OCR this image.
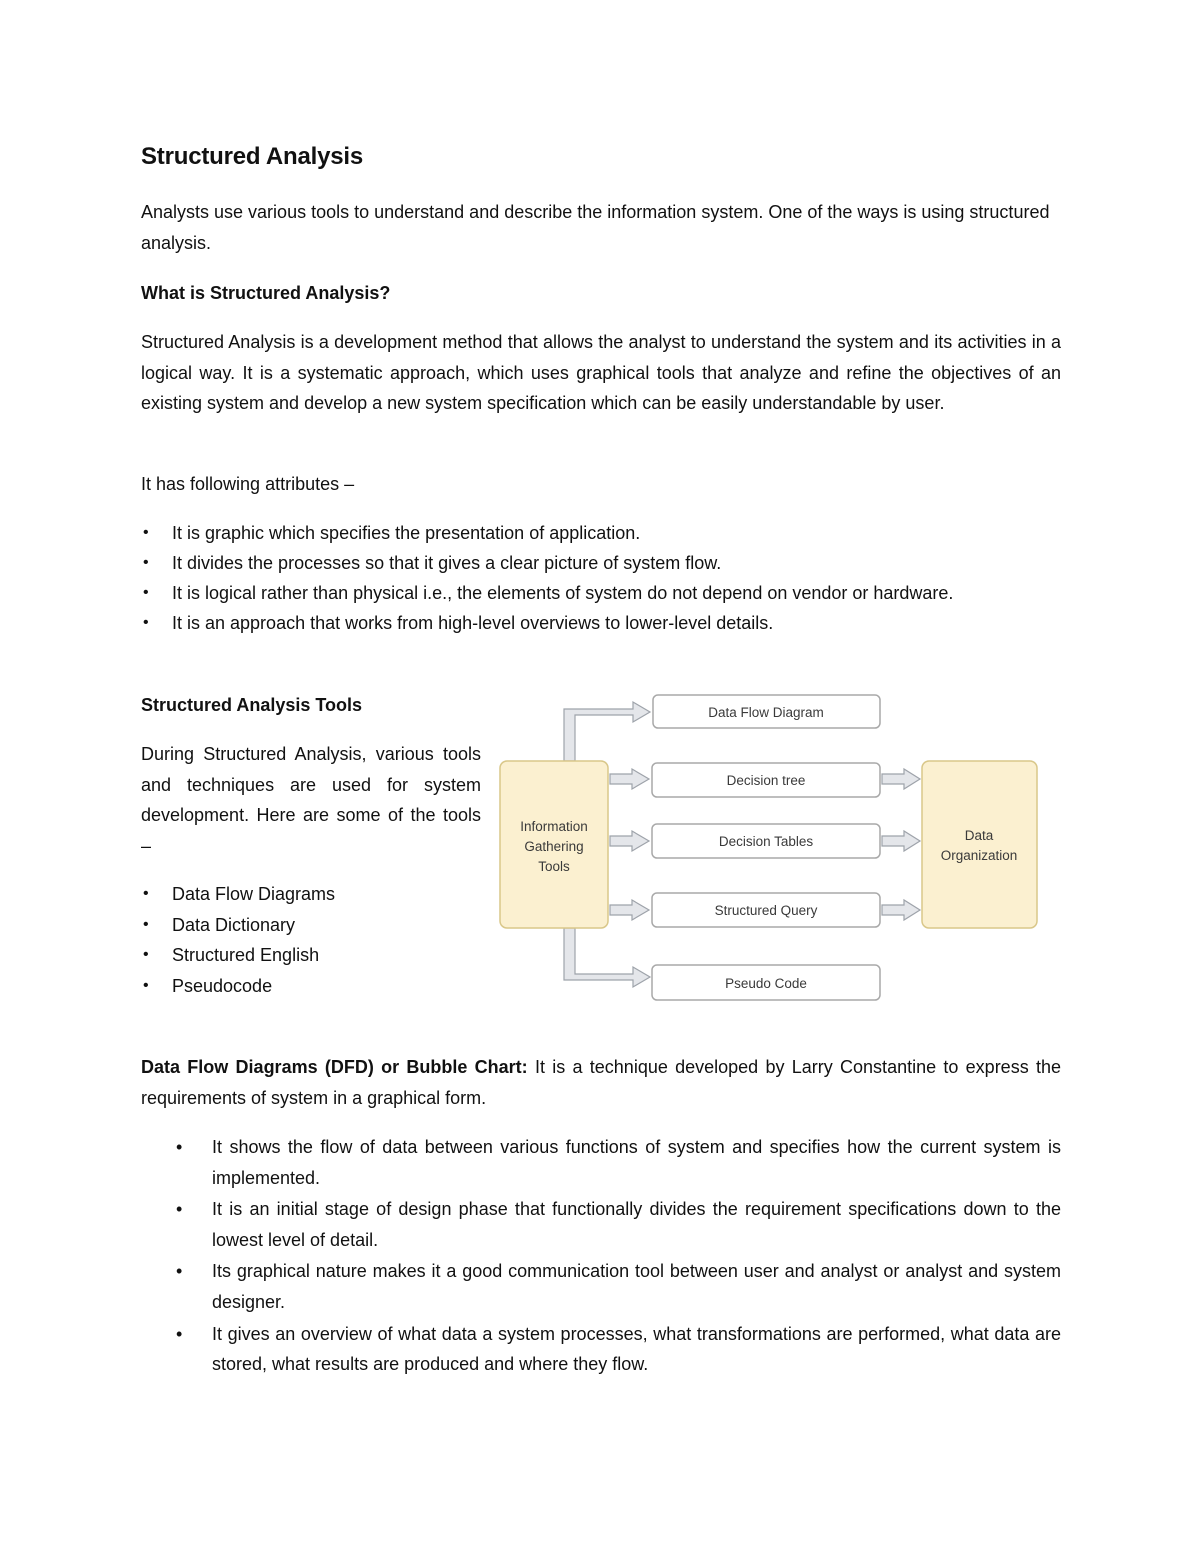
Structured Analysis
Analysts use various tools to understand and describe the information system. One of the ways is using structured analysis.
What is Structured Analysis?
Structured Analysis is a development method that allows the analyst to understand the system and its activities in a logical way. It is a systematic approach, which uses graphical tools that analyze and refine the objectives of an existing system and develop a new system specification which can be easily understandable by user.
It has following attributes –
• It is graphic which specifies the presentation of application.
• It divides the processes so that it gives a clear picture of system flow.
• It is logical rather than physical i.e., the elements of system do not depend on vendor or hardware.
• It is an approach that works from high-level overviews to lower-level details.
Structured Analysis Tools
During Structured Analysis, various tools and techniques are used for system development. Here are some of the tools –
• Data Flow Diagrams
• Data Dictionary
• Structured English
• Pseudocode
Information
Gathering
Tools
Data Flow Diagram
Decision tree
Decision Tables
Structured Query
Pseudo Code
Data
Organization
Data Flow Diagrams (DFD) or Bubble Chart: It is a technique developed by Larry Constantine to express the requirements of system in a graphical form.
• It shows the flow of data between various functions of system and specifies how the current system is implemented.
• It is an initial stage of design phase that functionally divides the requirement specifications down to the lowest level of detail.
• Its graphical nature makes it a good communication tool between user and analyst or analyst and system designer.
• It gives an overview of what data a system processes, what transformations are performed, what data are stored, what results are produced and where they flow.
